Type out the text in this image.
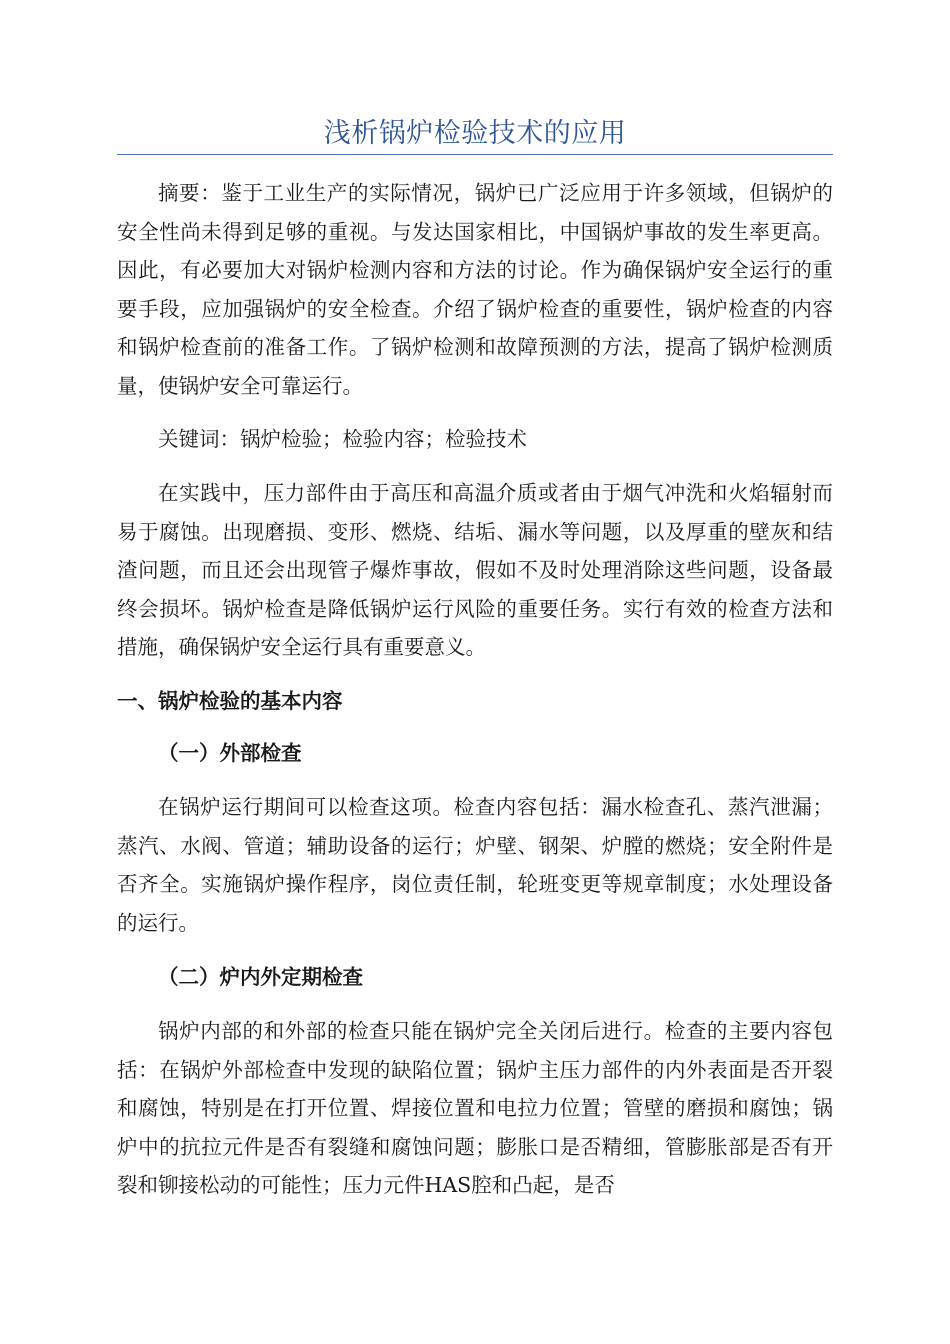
浅析锅炉检验技术的应用

摘要：鉴于工业生产的实际情况，锅炉已广泛应用于许多领域，但锅炉的安全性尚未得到足够的重视。与发达国家相比，中国锅炉事故的发生率更高。因此，有必要加大对锅炉检测内容和方法的讨论。作为确保锅炉安全运行的重要手段，应加强锅炉的安全检查。介绍了锅炉检查的重要性，锅炉检查的内容和锅炉检查前的准备工作。了锅炉检测和故障预测的方法，提高了锅炉检测质量，使锅炉安全可靠运行。

关键词：锅炉检验；检验内容；检验技术

在实践中，压力部件由于高压和高温介质或者由于烟气冲洗和火焰辐射而易于腐蚀。出现磨损、变形、燃烧、结垢、漏水等问题，以及厚重的壁灰和结渣问题，而且还会出现管子爆炸事故，假如不及时处理消除这些问题，设备最终会损坏。锅炉检查是降低锅炉运行风险的重要任务。实行有效的检查方法和措施，确保锅炉安全运行具有重要意义。

一、锅炉检验的基本内容
（一）外部检查

在锅炉运行期间可以检查这项。检查内容包括：漏水检查孔、蒸汽泄漏；蒸汽、水阀、管道；辅助设备的运行；炉壁、钢架、炉膛的燃烧；安全附件是否齐全。实施锅炉操作程序，岗位责任制，轮班变更等规章制度；水处理设备的运行。

（二）炉内外定期检查

锅炉内部的和外部的检查只能在锅炉完全关闭后进行。检查的主要内容包括：在锅炉外部检查中发现的缺陷位置；锅炉主压力部件的内外表面是否开裂和腐蚀，特别是在打开位置、焊接位置和电拉力位置；管壁的磨损和腐蚀；锅炉中的抗拉元件是否有裂缝和腐蚀问题；膨胀口是否精细，管膨胀部是否有开裂和铆接松动的可能性；压力元件HAS腔和凸起，是否
